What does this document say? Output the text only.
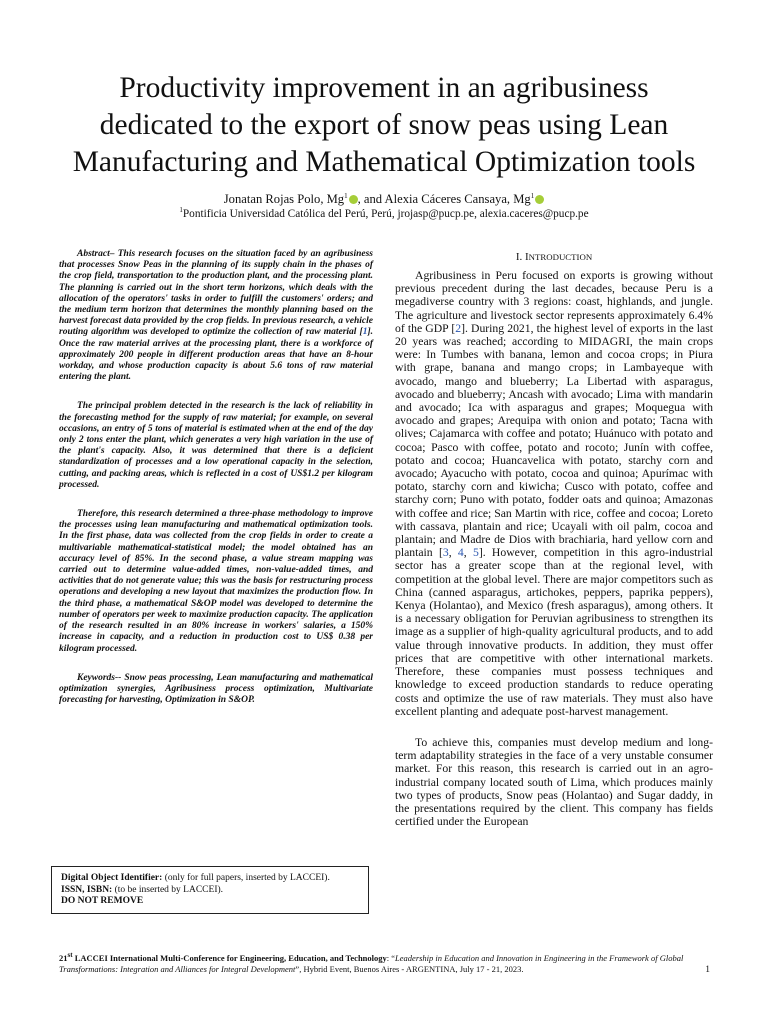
Productivity improvement in an agribusiness
dedicated to the export of snow peas using Lean
Manufacturing and Mathematical Optimization tools
Jonatan Rojas Polo, Mg$^1$ , and Alexia Cáceres Cansaya, Mg$^1$
$^1$Pontificia Universidad Católica del Perú, Perú, jrojasp@pucp.pe, alexia.caceres@pucp.pe

Abstract– This research focuses on the situation faced by an agribusiness that processes Snow Peas in the planning of its supply chain in the phases of the crop field, transportation to the production plant, and the processing plant. The planning is carried out in the short term horizons, which deals with the allocation of the operators' tasks in order to fulfill the customers' orders; and the medium term horizon that determines the monthly planning based on the harvest forecast data provided by the crop fields. In previous research, a vehicle routing algorithm was developed to optimize the collection of raw material [1]. Once the raw material arrives at the processing plant, there is a workforce of approximately 200 people in different production areas that have an 8-hour workday, and whose production capacity is about 5.6 tons of raw material entering the plant.

The principal problem detected in the research is the lack of reliability in the forecasting method for the supply of raw material; for example, on several occasions, an entry of 5 tons of material is estimated when at the end of the day only 2 tons enter the plant, which generates a very high variation in the use of the plant's capacity. Also, it was determined that there is a deficient standardization of processes and a low operational capacity in the selection, cutting, and packing areas, which is reflected in a cost of US$1.2 per kilogram processed.

Therefore, this research determined a three-phase methodology to improve the processes using lean manufacturing and mathematical optimization tools. In the first phase, data was collected from the crop fields in order to create a multivariable mathematical-statistical model; the model obtained has an accuracy level of 85%. In the second phase, a value stream mapping was carried out to determine value-added times, non-value-added times, and activities that do not generate value; this was the basis for restructuring process operations and developing a new layout that maximizes the production flow. In the third phase, a mathematical S&OP model was developed to determine the number of operators per week to maximize production capacity. The application of the research resulted in an 80% increase in workers' salaries, a 150% increase in capacity, and a reduction in production cost to US$ 0.38 per kilogram processed.

Keywords-- Snow peas processing, Lean manufacturing and mathematical optimization synergies, Agribusiness process optimization, Multivariate forecasting for harvesting, Optimization in S&OP.

Digital Object Identifier: (only for full papers, inserted by LACCEI).
ISSN, ISBN: (to be inserted by LACCEI).
DO NOT REMOVE
I. INTRODUCTION

Agribusiness in Peru focused on exports is growing without previous precedent during the last decades, because Peru is a megadiverse country with 3 regions: coast, highlands, and jungle. The agriculture and livestock sector represents approximately 6.4% of the GDP [2]. During 2021, the highest level of exports in the last 20 years was reached; according to MIDAGRI, the main crops were: In Tumbes with banana, lemon and cocoa crops; in Piura with grape, banana and mango crops; in Lambayeque with avocado, mango and blueberry; La Libertad with asparagus, avocado and blueberry; Ancash with avocado; Lima with mandarin and avocado; Ica with asparagus and grapes; Moquegua with avocado and grapes; Arequipa with onion and potato; Tacna with olives; Cajamarca with coffee and potato; Huánuco with potato and cocoa; Pasco with coffee, potato and rocoto; Junín with coffee, potato and cocoa; Huancavelica with potato, starchy corn and avocado; Ayacucho with potato, cocoa and quinoa; Apurímac with potato, starchy corn and kiwicha; Cusco with potato, coffee and starchy corn; Puno with potato, fodder oats and quinoa; Amazonas with coffee and rice; San Martin with rice, coffee and cocoa; Loreto with cassava, plantain and rice; Ucayali with oil palm, cocoa and plantain; and Madre de Dios with brachiaria, hard yellow corn and plantain [3, 4, 5]. However, competition in this agro-industrial sector has a greater scope than at the regional level, with competition at the global level. There are major competitors such as China (canned asparagus, artichokes, peppers, paprika peppers), Kenya (Holantao), and Mexico (fresh asparagus), among others. It is a necessary obligation for Peruvian agribusiness to strengthen its image as a supplier of high-quality agricultural products, and to add value through innovative products. In addition, they must offer prices that are competitive with other international markets. Therefore, these companies must possess techniques and knowledge to exceed production standards to reduce operating costs and optimize the use of raw materials. They must also have excellent planting and adequate post-harvest management.

To achieve this, companies must develop medium and long-term adaptability strategies in the face of a very unstable consumer market. For this reason, this research is carried out in an agro-industrial company located south of Lima, which produces mainly two types of products, Snow peas (Holantao) and Sugar daddy, in the presentations required by the client. This company has fields certified under the European

21st LACCEI International Multi-Conference for Engineering, Education, and Technology: “Leadership in Education and Innovation in Engineering in the Framework of Global Transformations: Integration and Alliances for Integral Development”, Hybrid Event, Buenos Aires - ARGENTINA, July 17 - 21, 2023.	1
